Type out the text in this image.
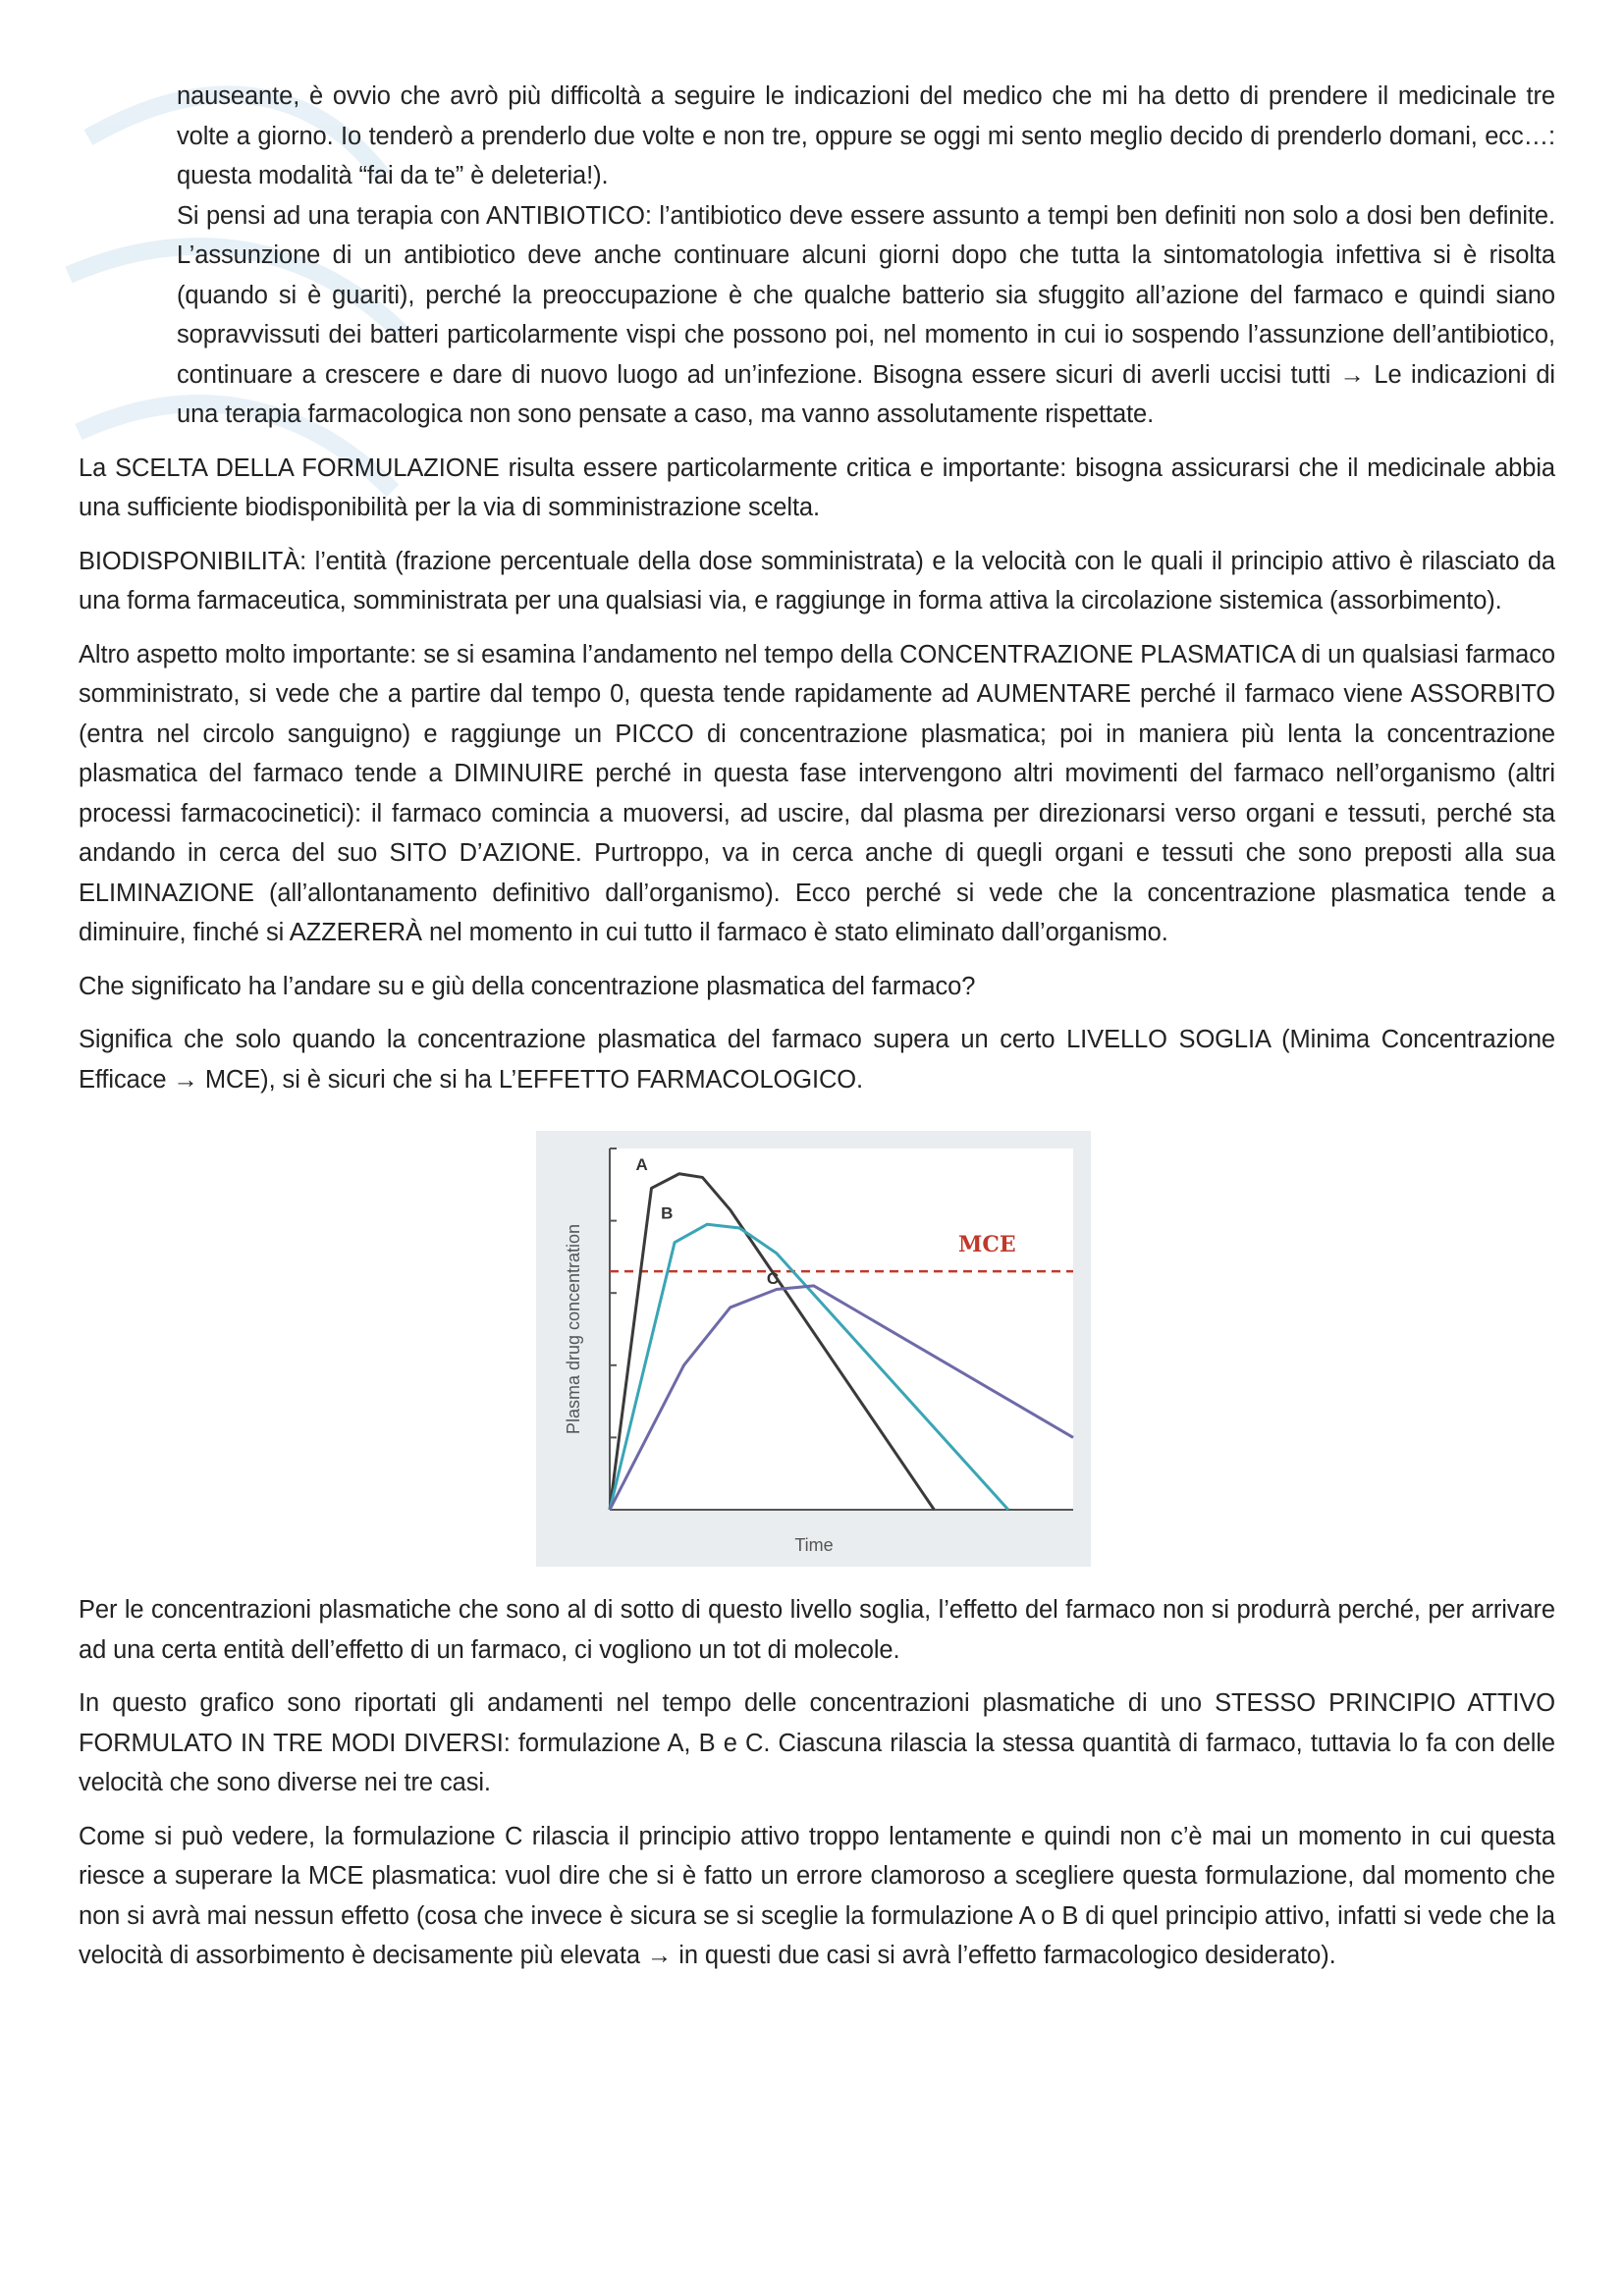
nauseante, è ovvio che avrò più difficoltà a seguire le indicazioni del medico che mi ha detto di prendere il medicinale tre volte a giorno. Io tenderò a prenderlo due volte e non tre, oppure se oggi mi sento meglio decido di prenderlo domani, ecc…: questa modalità “fai da te” è deleteria!).

Si pensi ad una terapia con ANTIBIOTICO: l’antibiotico deve essere assunto a tempi ben definiti non solo a dosi ben definite. L’assunzione di un antibiotico deve anche continuare alcuni giorni dopo che tutta la sintomatologia infettiva si è risolta (quando si è guariti), perché la preoccupazione è che qualche batterio sia sfuggito all’azione del farmaco e quindi siano sopravvissuti dei batteri particolarmente vispi che possono poi, nel momento in cui io sospendo l’assunzione dell’antibiotico, continuare a crescere e dare di nuovo luogo ad un’infezione. Bisogna essere sicuri di averli uccisi tutti → Le indicazioni di una terapia farmacologica non sono pensate a caso, ma vanno assolutamente rispettate.

La SCELTA DELLA FORMULAZIONE risulta essere particolarmente critica e importante: bisogna assicurarsi che il medicinale abbia una sufficiente biodisponibilità per la via di somministrazione scelta.

BIODISPONIBILITÀ: l’entità (frazione percentuale della dose somministrata) e la velocità con le quali il principio attivo è rilasciato da una forma farmaceutica, somministrata per una qualsiasi via, e raggiunge in forma attiva la circolazione sistemica (assorbimento).

Altro aspetto molto importante: se si esamina l’andamento nel tempo della CONCENTRAZIONE PLASMATICA di un qualsiasi farmaco somministrato, si vede che a partire dal tempo 0, questa tende rapidamente ad AUMENTARE perché il farmaco viene ASSORBITO (entra nel circolo sanguigno) e raggiunge un PICCO di concentrazione plasmatica; poi in maniera più lenta la concentrazione plasmatica del farmaco tende a DIMINUIRE perché in questa fase intervengono altri movimenti del farmaco nell’organismo (altri processi farmacocinetici): il farmaco comincia a muoversi, ad uscire, dal plasma per direzionarsi verso organi e tessuti, perché sta andando in cerca del suo SITO D’AZIONE. Purtroppo, va in cerca anche di quegli organi e tessuti che sono preposti alla sua ELIMINAZIONE (all’allontanamento definitivo dall’organismo). Ecco perché si vede che la concentrazione plasmatica tende a diminuire, finché si AZZERERÀ nel momento in cui tutto il farmaco è stato eliminato dall’organismo.

Che significato ha l’andare su e giù della concentrazione plasmatica del farmaco?

Significa che solo quando la concentrazione plasmatica del farmaco supera un certo LIVELLO SOGLIA (Minima Concentrazione Efficace → MCE), si è sicuri che si ha L’EFFETTO FARMACOLOGICO.

MCE
A
B
C
Time
Plasma drug concentration

Per le concentrazioni plasmatiche che sono al di sotto di questo livello soglia, l’effetto del farmaco non si produrrà perché, per arrivare ad una certa entità dell’effetto di un farmaco, ci vogliono un tot di molecole.

In questo grafico sono riportati gli andamenti nel tempo delle concentrazioni plasmatiche di uno STESSO PRINCIPIO ATTIVO FORMULATO IN TRE MODI DIVERSI: formulazione A, B e C. Ciascuna rilascia la stessa quantità di farmaco, tuttavia lo fa con delle velocità che sono diverse nei tre casi.

Come si può vedere, la formulazione C rilascia il principio attivo troppo lentamente e quindi non c’è mai un momento in cui questa riesce a superare la MCE plasmatica: vuol dire che si è fatto un errore clamoroso a scegliere questa formulazione, dal momento che non si avrà mai nessun effetto (cosa che invece è sicura se si sceglie la formulazione A o B di quel principio attivo, infatti si vede che la velocità di assorbimento è decisamente più elevata → in questi due casi si avrà l’effetto farmacologico desiderato).
